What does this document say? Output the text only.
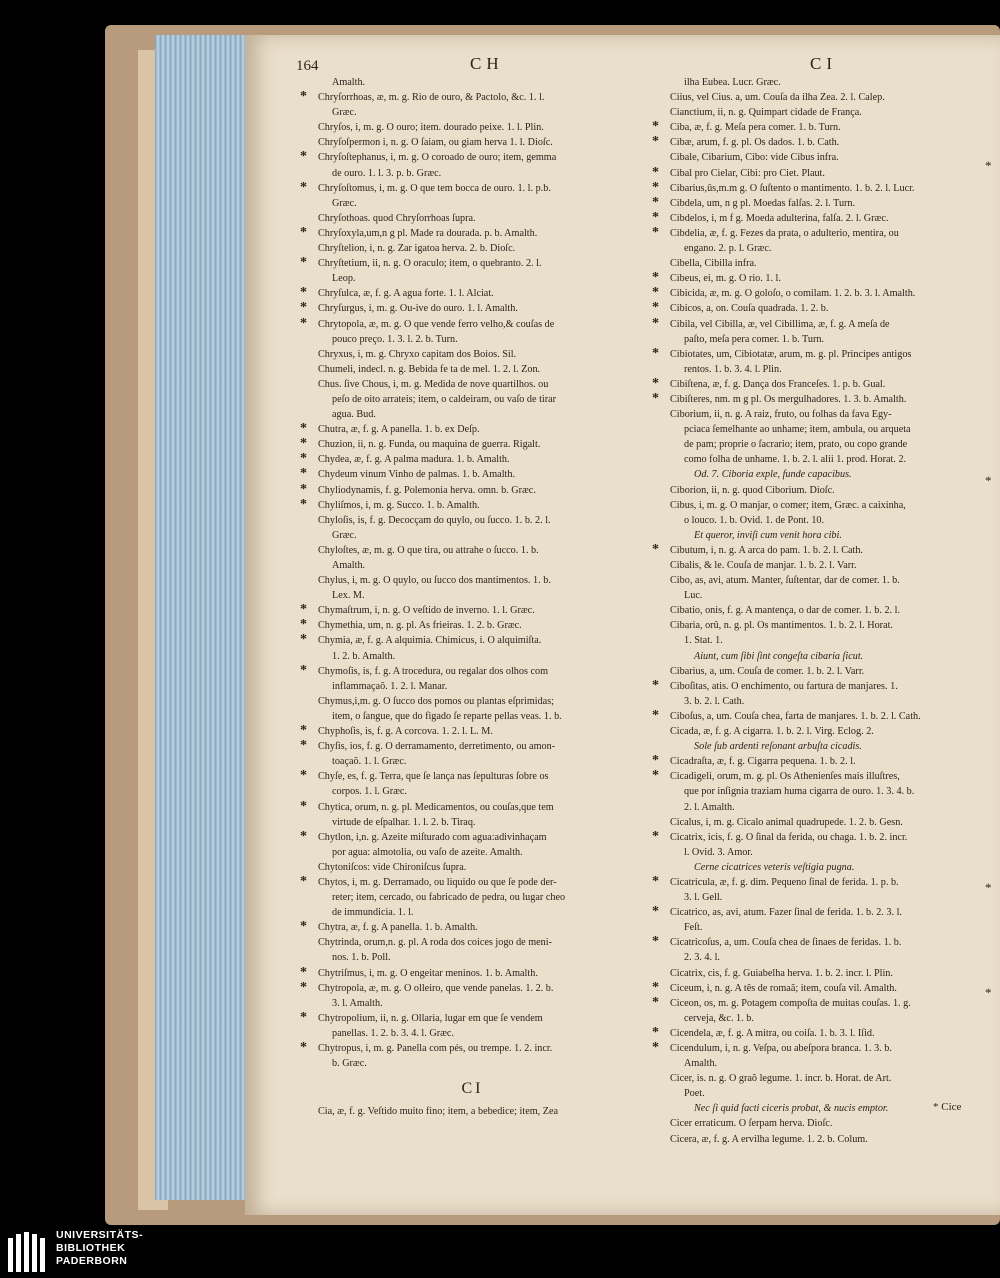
164	CH	CI
Amalth.
* Chryſorrhoas, æ, m. g. Rio de ouro, & Pactolo, &c. 1. l.
Græc.
Chryſos, i, m. g. O ouro; item. dourado peixe. 1. l. Plin.
Chryſoſpermon i, n. g. O ſaiam, ou giam herva 1. l. Dioſc.
* Chryſoſtephanus, i, m. g. O coroado de ouro; item, gemma
de ouro. 1. l. 3. p. b. Græc.
* Chryſoſtomus, i, m. g. O que tem bocca de ouro. 1. l. p.b.
Græc.
Chryſothoas. quod Chryſorrhoas ſupra.
* Chryſoxyla,um,n g pl. Made ra dourada. p. b. Amalth.
Chryſtelion, i, n. g. Zar igatoa herva. 2. b. Dioſc.
* Chryſtetium, ii, n. g. O oraculo; item, o quebranto. 2. l.
Leop.
* Chryſulca, æ, f. g. A agua forte. 1. l. Alciat.
* Chryſurgus, i, m. g. Ou-ive do ouro. 1. l. Amalth.
* Chrytopola, æ, m. g. O que vende ferro velho,& couſas de
pouco preço. 1. 3. l. 2. b. Turn.
Chryxus, i, m. g. Chryxo capitam dos Boios. Sil.
Chumeli, indecl. n. g. Bebida fe ta de mel. 1. 2. l. Zon.
Chus. ſive Chous, i, m. g. Medida de nove quartilhos. ou
peſo de oito arrateis; item, o caldeiram, ou vaſo de tirar
agua. Bud.
* Chutra, æ, f. g. A panella. 1. b. ex Deſp.
* Chuzion, ii, n. g. Funda, ou maquina de guerra. Rigalt.
* Chydea, æ, f. g. A palma madura. 1. b. Amalth.
* Chydeum vinum Vinho de palmas. 1. b. Amalth.
* Chyliodynamis, f. g. Polemonia herva. omn. b. Græc.
* Chyliſmos, i, m. g. Succo. 1. b. Amalth.
Chyloſis, is, f. g. Decocçam do quylo, ou ſucco. 1. b. 2. l.
Græc.
Chyloſtes, æ, m. g. O que tira, ou attrahe o ſucco. 1. b.
Amalth.
Chylus, i, m. g. O quylo, ou ſucco dos mantimentos. 1. b.
Lex. M.
* Chymaſtrum, i, n. g. O veſtido de inverno. 1. l. Græc.
* Chymethia, um, n. g. pl. As frieiras. 1. 2. b. Græc.
* Chymia, æ, f. g. A alquimia. Chimicus, i. O alquimiſta.
1. 2. b. Amalth.
* Chymoſis, is, f. g. A trocedura, ou regalar dos olhos com
inflammaçaõ. 1. 2. l. Manar.
Chymus,i,m. g. O ſucco dos pomos ou plantas eſprimidas;
item, o ſangue, que do figado ſe reparte pellas veas. 1. b.
* Chyphoſis, is, f. g. A corcova. 1. 2. l. L. M.
* Chyſis, ios, f. g. O derramamento, derretimento, ou amon-
toaçaõ. 1. l. Græc.
* Chyſe, es, f. g. Terra, que ſe lança nas ſepulturas ſobre os
corpos. 1. l. Græc.
* Chytica, orum, n. g. pl. Medicamentos, ou couſas,que tem
virtude de eſpalhar. 1. l. 2. b. Tiraq.
* Chytlon, i,n. g. Azeite miſturado com agua:adivinhaçam
por agua: almotolia, ou vaſo de azeite. Amalth.
Chytoniſcos: vide Chironiſcus ſupra.
* Chytos, i, m. g. Derramado, ou liquido ou que ſe pode der-
reter; item, cercado, ou fabricado de pedra, ou lugar cheo
de immundicia. 1. l.
* Chytra, æ, f. g. A panella. 1. b. Amalth.
Chytrinda, orum,n. g. pl. A roda dos coices jogo de meni-
nos. 1. b. Poll.
* Chytriſmus, i, m. g. O engeitar meninos. 1. b. Amalth.
* Chytropola, æ, m. g. O olleiro, que vende panelas. 1. 2. b.
3. l. Amalth.
* Chytropolium, ii, n. g. Ollaria, lugar em que ſe vendem
panellas. 1. 2. b. 3. 4. l. Græc.
* Chytropus, i, m. g. Panella com pés, ou trempe. 1. 2. incr.
b. Græc.
CI
Cia, æ, f. g. Veſtido muito fino; item, a bebedice; item, Zea
ilha Eubea. Lucr. Græc.
Ciius, vel Cius. a, um. Couſa da ilha Zea. 2. l. Calep.
Cianctium, ii, n. g. Quimpart cidade de França.
* Ciba, æ, f. g. Meſa pera comer. 1. b. Turn.
* Cibæ, arum, f. g. pl. Os dados. 1. b. Cath.
Cibale, Cibarium, Cibo: vide Cibus infra.
* Cibal pro Cielar, Cibi: pro Ciet. Plaut.
* Cibarius,ûs,m.m g. O ſuſtento o mantimento. 1. b. 2. l. Lucr.
* Cibdela, um, n g pl. Moedas falſas. 2. l. Turn.
* Cibdelos, i, m f g. Moeda adulterina, falſa. 2. l. Græc.
* Cibdelia, æ, f. g. Fezes da prata, o adulterio, mentira, ou
engano. 2. p. l. Græc.
Cibella, Cibilla infra.
* Cibeus, ei, m. g. O rio. 1. l.
* Cibicida, æ, m. g. O goloſo, o comilam. 1. 2. b. 3. l. Amalth.
* Cibicos, a, on. Couſa quadrada. 1. 2. b.
* Cibila, vel Cibilla, æ, vel Cibillima, æ, f. g. A meſa de
paſto, meſa pera comer. 1. b. Turn.
* Cibiotates, um, Cibiotatæ, arum, m. g. pl. Principes antigos
rentos. 1. b. 3. 4. l. Plin.
* Cibiſtena, æ, f. g. Dança dos Franceſes. 1. p. b. Gual.
* Cibiſteres, nm. m g pl. Os mergulhadores. 1. 3. b. Amalth.
Ciborium, ii, n. g. A raiz, fruto, ou folhas da fava Egy-
pciaca ſemelhante ao unhame; item, ambula, ou arqueta
de pam; proprie o ſacrario; item, prato, ou copo grande
como folha de unhame. 1. b. 2. l. alii 1. prod. Horat. 2.
Od. 7. Ciboria exple, funde capacibus.
Ciborion, ii, n. g. quod Ciborium. Dioſc.
Cibus, i, m. g. O manjar, o comer; item, Græc. a caixinha,
o louco. 1. b. Ovid. 1. de Pont. 10.
Et queror, inviſi cum venit hora cibi.
* Cibutum, i, n. g. A arca do pam. 1. b. 2. l. Cath.
Cibalis, & le. Couſa de manjar. 1. b. 2. l. Varr.
Cibo, as, avi, atum. Manter, ſuſtentar, dar de comer. 1. b.
Luc.
Cibatio, onis, f. g. A mantença, o dar de comer. 1. b. 2. l.
Cibaria, orû, n. g. pl. Os mantimentos. 1. b. 2. l. Horat.
1. Stat. 1.
Aiunt, cum ſibi ſint congeſta cibaria ſicut.
Cibarius, a, um. Couſa de comer. 1. b. 2. l. Varr.
* Ciboſitas, atis. O enchimento, ou fartura de manjares. 1.
3. b. 2. l. Cath.
* Ciboſus, a, um. Couſa chea, farta de manjares. 1. b. 2. l. Cath.
Cicada, æ, f. g. A cigarra. 1. b. 2. l. Virg. Eclog. 2.
Sole ſub ardenti reſonant arbuſta cicadis.
* Cicadraſta, æ, f. g. Cigarra pequena. 1. b. 2. l.
* Cicadigeli, orum, m. g. pl. Os Athenienſes mais illuſtres,
que por inſignia traziam huma cigarra de ouro. 1. 3. 4. b.
2. l. Amalth.
Cicalus, i, m. g. Cicalo animal quadrupede. 1. 2. b. Gesn.
* Cicatrix, icis, f. g. O ſinal da ferida, ou chaga. 1. b. 2. incr.
l. Ovid. 3. Amor.
Cerne cicatrices veteris veſtigia pugna.
* Cicatricula, æ, f. g. dim. Pequeno ſinal de ferida. 1. p. b.
3. l. Gell.
* Cicatrico, as, avi, atum. Fazer ſinal de ferida. 1. b. 2. 3. l.
Feſt.
* Cicatricoſus, a, um. Couſa chea de ſinaes de feridas. 1. b.
2. 3. 4. l.
Cicatrix, cis, f. g. Guiabelha herva. 1. b. 2. incr. l. Plin.
* Ciceum, i, n. g. A tês de romaã; item, couſa vil. Amalth.
* Ciceon, os, m. g. Potagem compoſta de muitas couſas. 1. g.
cerveja, &c. 1. b.
* Cicendela, æ, f. g. A mitra, ou coiſa. 1. b. 3. l. Iſid.
* Cicendulum, i, n. g. Veſpa, ou abeſpora branca. 1. 3. b.
Amalth.
Cicer, is. n. g. O graõ legume. 1. incr. b. Horat. de Art.
Poet.
Nec ſi quid facti ciceris probat, & nucis emptor.
Cicer erraticum. O ſerpam herva. Dioſc.
Cicera, æ, f. g. A ervilha legume. 1. 2. b. Colum.
*
*
*
*
* Cice
UNIVERSITÄTS-
BIBLIOTHEK
PADERBORN
